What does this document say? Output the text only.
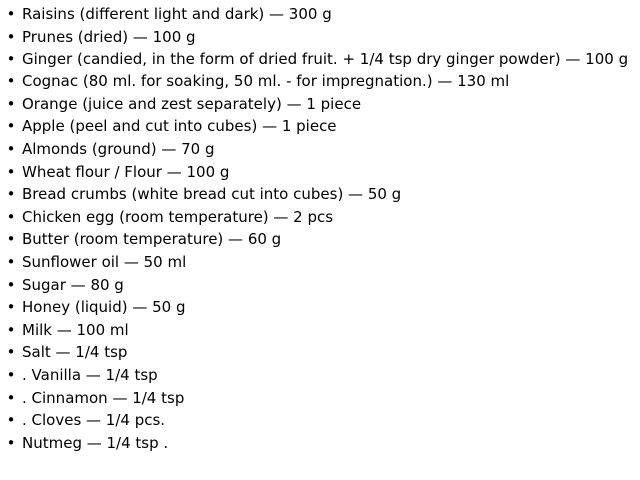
• Raisins (different light and dark) — 300 g
• Prunes (dried) — 100 g
• Ginger (candied, in the form of dried fruit. + 1/4 tsp dry ginger powder) — 100 g
• Cognac (80 ml. for soaking, 50 ml. - for impregnation.) — 130 ml
• Orange (juice and zest separately) — 1 piece
• Apple (peel and cut into cubes) — 1 piece
• Almonds (ground) — 70 g
• Wheat flour / Flour — 100 g
• Bread crumbs (white bread cut into cubes) — 50 g
• Chicken egg (room temperature) — 2 pcs
• Butter (room temperature) — 60 g
• Sunflower oil — 50 ml
• Sugar — 80 g
• Honey (liquid) — 50 g
• Milk — 100 ml
• Salt — 1/4 tsp
• . Vanilla — 1/4 tsp
• . Cinnamon — 1/4 tsp
• . Cloves — 1/4 pcs.
• Nutmeg — 1/4 tsp .
